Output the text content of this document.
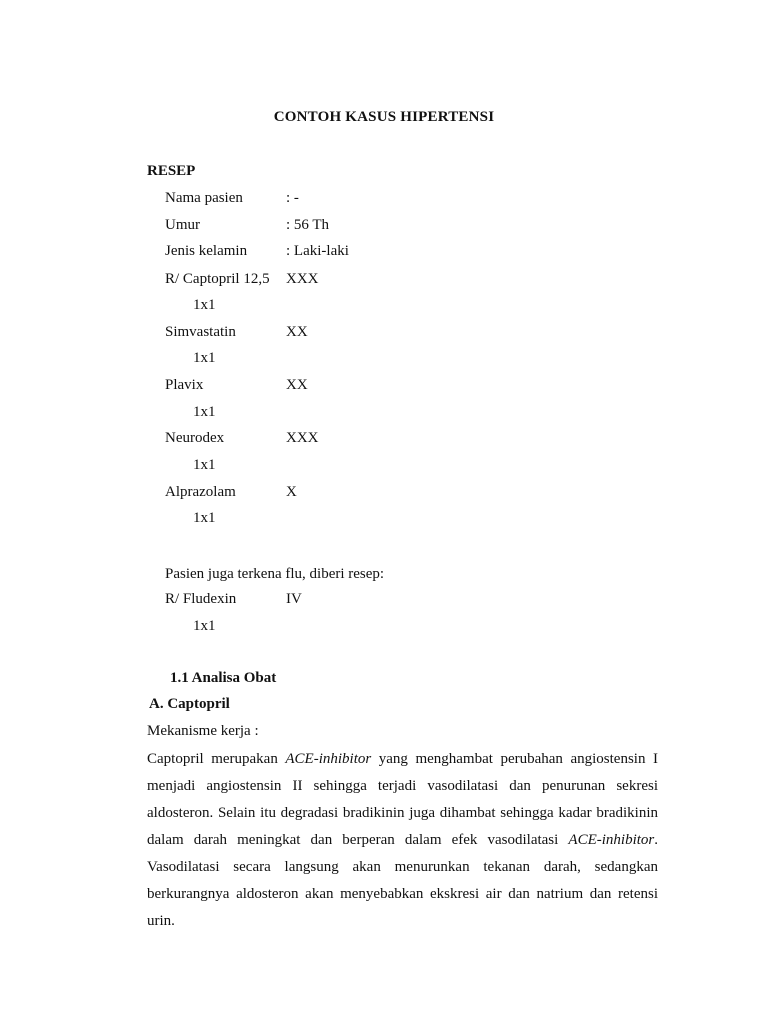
CONTOH KASUS HIPERTENSI
RESEP
Nama pasien	: -
Umur	: 56 Th
Jenis kelamin	: Laki-laki
R/ Captopril 12,5 XXX
1x1
Simvastatin	XX
1x1
Plavix	XX
1x1
Neurodex	XXX
1x1
Alprazolam	X
1x1
Pasien juga terkena flu, diberi resep:
R/ Fludexin	IV
1x1
1.1 Analisa Obat
A. Captopril
Mekanisme kerja :
Captopril merupakan ACE-inhibitor yang menghambat perubahan angiostensin I menjadi angiostensin II sehingga terjadi vasodilatasi dan penurunan sekresi aldosteron. Selain itu degradasi bradikinin juga dihambat sehingga kadar bradikinin dalam darah meningkat dan berperan dalam efek vasodilatasi ACE-inhibitor. Vasodilatasi secara langsung akan menurunkan tekanan darah, sedangkan berkurangnya aldosteron akan menyebabkan ekskresi air dan natrium dan retensi urin.
